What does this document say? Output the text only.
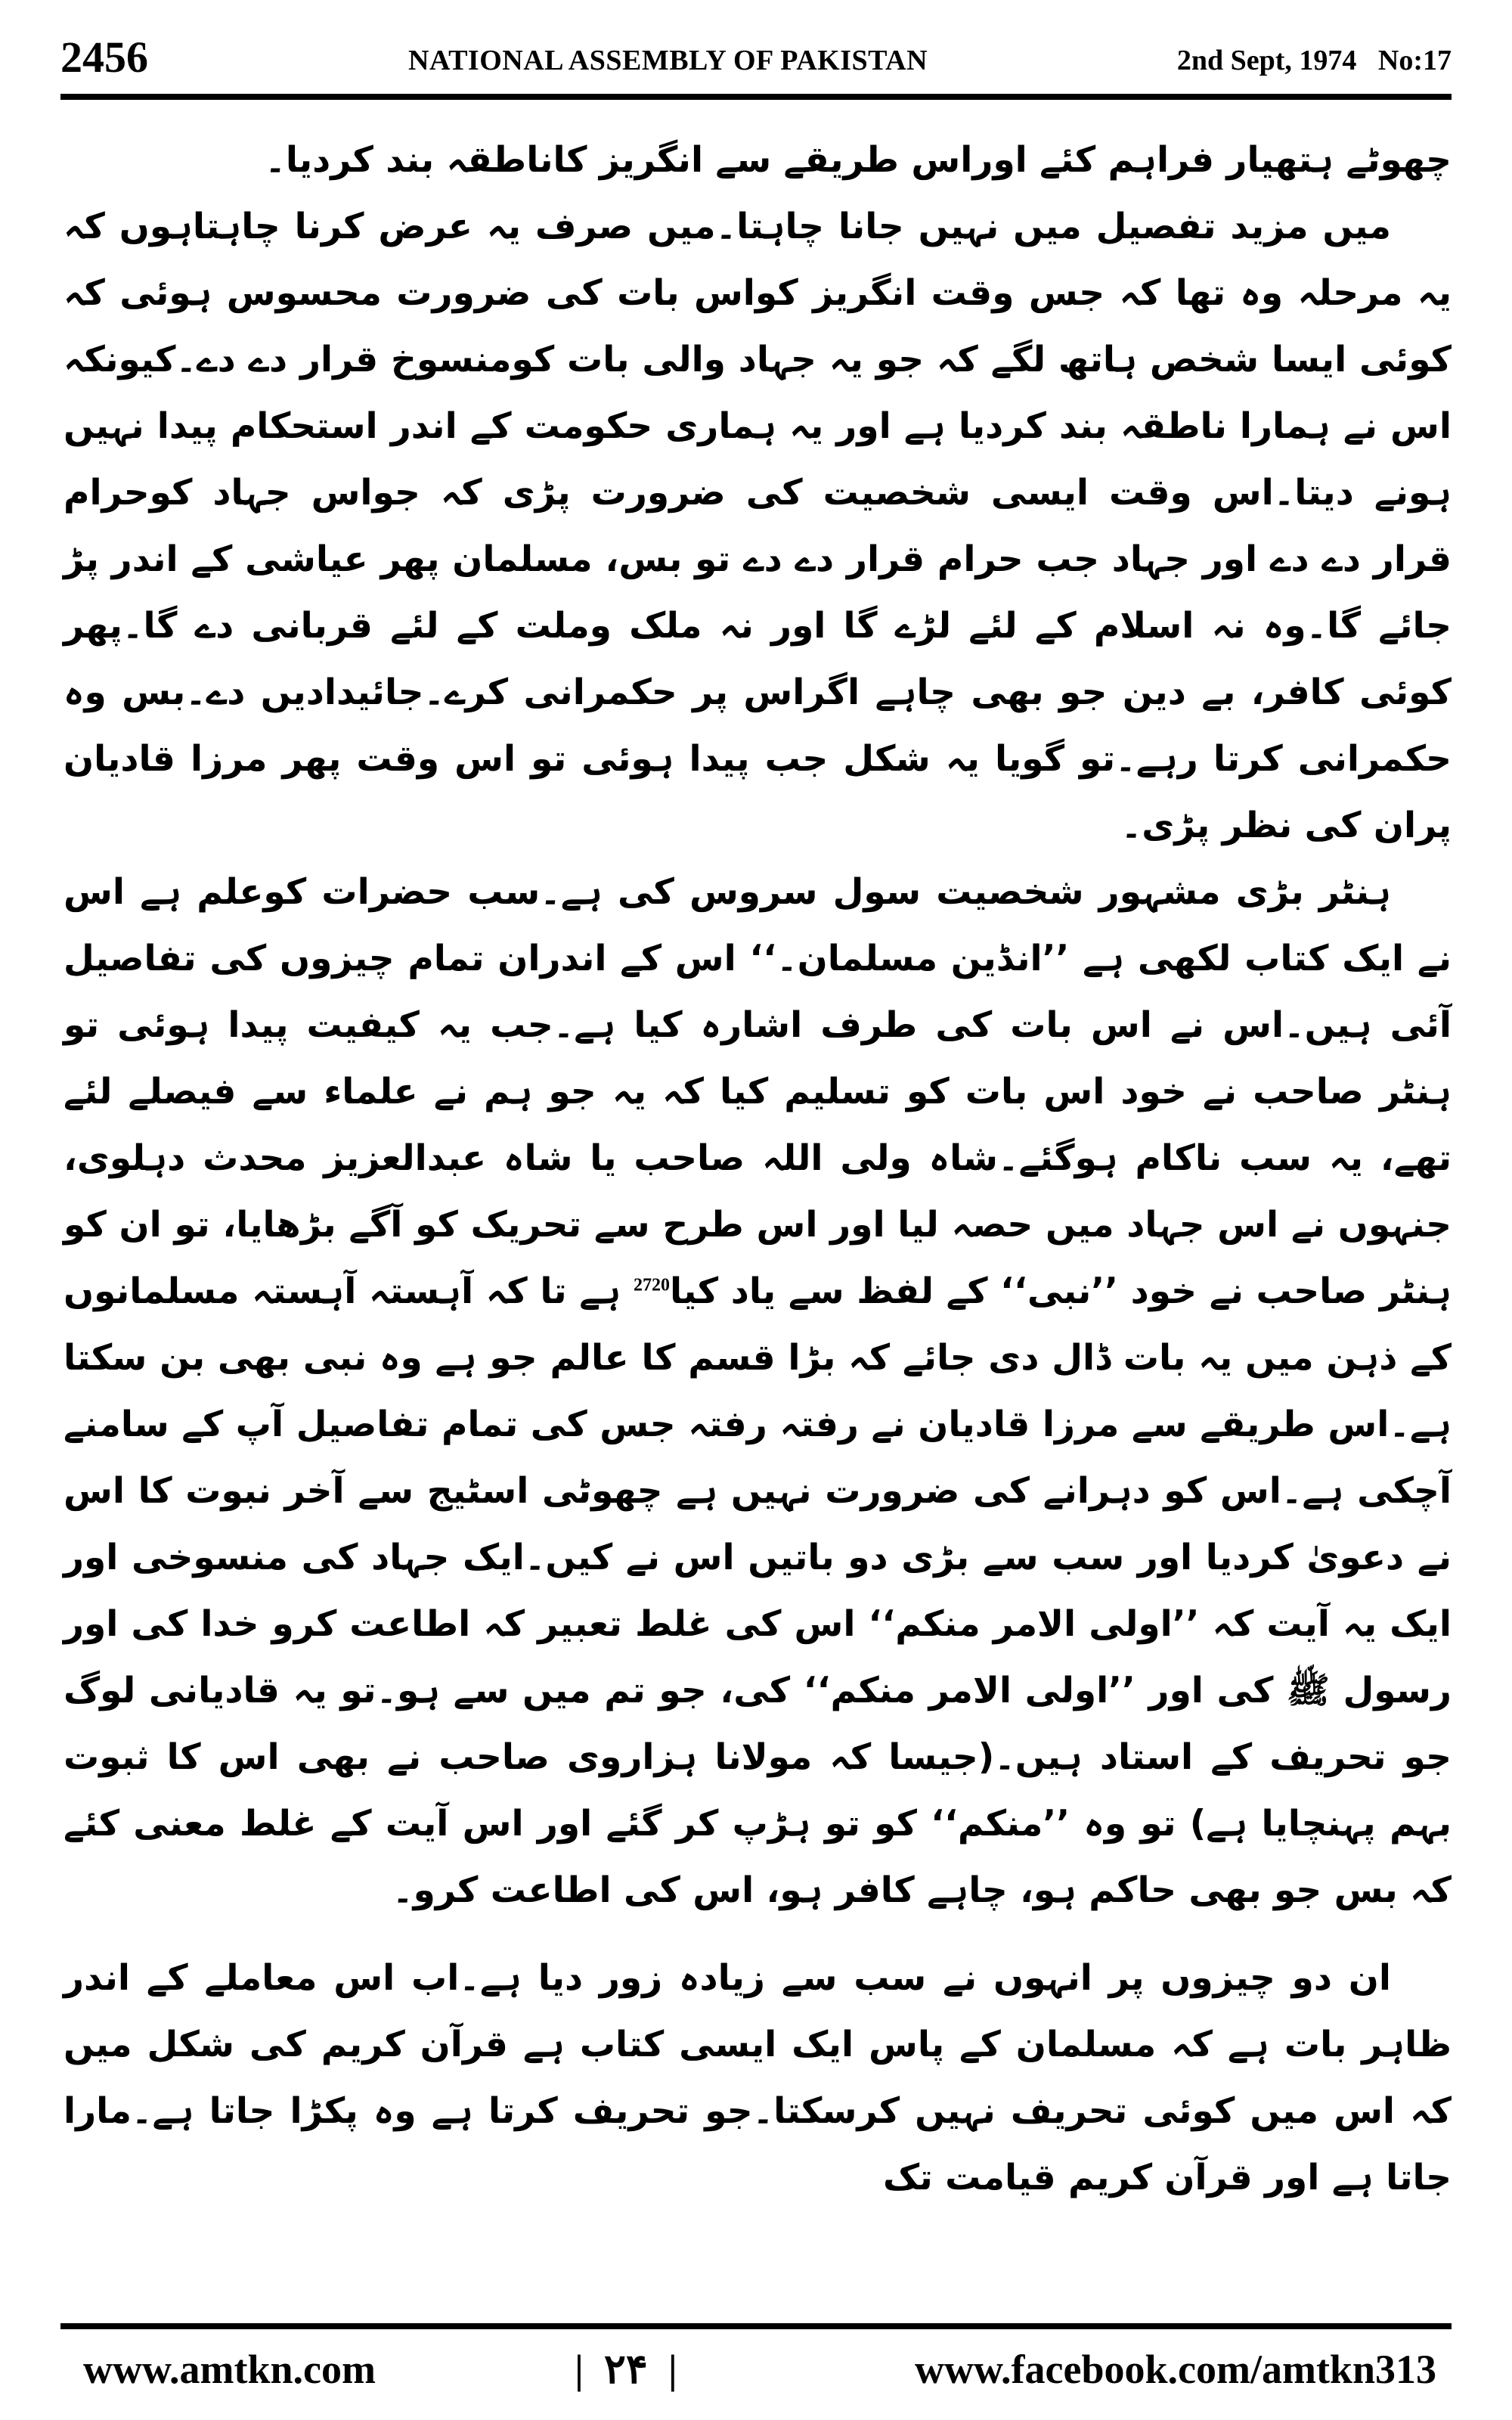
2456	NATIONAL ASSEMBLY OF PAKISTAN	2nd Sept, 1974 No:17

چھوٹے ہتھیار فراہم کئے اوراس طریقے سے انگریز کاناطقہ بند کردیا۔

میں مزید تفصیل میں نہیں جانا چاہتا۔میں صرف یہ عرض کرنا چاہتاہوں کہ یہ مرحلہ وہ تھا کہ جس وقت انگریز کواس بات کی ضرورت محسوس ہوئی کہ کوئی ایسا شخص ہاتھ لگے کہ جو یہ جہاد والی بات کومنسوخ قرار دے دے۔کیونکہ اس نے ہمارا ناطقہ بند کردیا ہے اور یہ ہماری حکومت کے اندر استحکام پیدا نہیں ہونے دیتا۔اس وقت ایسی شخصیت کی ضرورت پڑی کہ جواس جہاد کوحرام قرار دے دے اور جہاد جب حرام قرار دے دے تو بس، مسلمان پھر عیاشی کے اندر پڑ جائے گا۔وہ نہ اسلام کے لئے لڑے گا اور نہ ملک وملت کے لئے قربانی دے گا۔پھر کوئی کافر، بے دین جو بھی چاہے اگراس پر حکمرانی کرے۔جائیدادیں دے۔بس وہ حکمرانی کرتا رہے۔تو گویا یہ شکل جب پیدا ہوئی تو اس وقت پھر مرزا قادیان پران کی نظر پڑی۔

ہنٹر بڑی مشہور شخصیت سول سروس کی ہے۔سب حضرات کوعلم ہے اس نے ایک کتاب لکھی ہے ’’انڈین مسلمان۔‘‘ اس کے اندران تمام چیزوں کی تفاصیل آئی ہیں۔اس نے اس بات کی طرف اشارہ کیا ہے۔جب یہ کیفیت پیدا ہوئی تو ہنٹر صاحب نے خود اس بات کو تسلیم کیا کہ یہ جو ہم نے علماء سے فیصلے لئے تھے، یہ سب ناکام ہوگئے۔شاہ ولی اللہ صاحب یا شاہ عبدالعزیز محدث دہلوی، جنہوں نے اس جہاد میں حصہ لیا اور اس طرح سے تحریک کو آگے بڑھایا، تو ان کو ہنٹر صاحب نے خود ’’نبی‘‘ کے لفظ سے یاد کیا$^{2720}$ ہے تا کہ آہستہ آہستہ مسلمانوں کے ذہن میں یہ بات ڈال دی جائے کہ بڑا قسم کا عالم جو ہے وہ نبی بھی بن سکتا ہے۔اس طریقے سے مرزا قادیان نے رفتہ رفتہ جس کی تمام تفاصیل آپ کے سامنے آچکی ہے۔اس کو دہرانے کی ضرورت نہیں ہے چھوٹی اسٹیج سے آخر نبوت کا اس نے دعویٰ کردیا اور سب سے بڑی دو باتیں اس نے کیں۔ایک جہاد کی منسوخی اور ایک یہ آیت کہ ’’اولی الامر منکم‘‘ اس کی غلط تعبیر کہ اطاعت کرو خدا کی اور رسول ﷺ کی اور ’’اولی الامر منکم‘‘ کی، جو تم میں سے ہو۔تو یہ قادیانی لوگ جو تحریف کے استاد ہیں۔(جیسا کہ مولانا ہزاروی صاحب نے بھی اس کا ثبوت بہم پہنچایا ہے) تو وہ ’’منکم‘‘ کو تو ہڑپ کر گئے اور اس آیت کے غلط معنی کئے کہ بس جو بھی حاکم ہو، چاہے کافر ہو، اس کی اطاعت کرو۔

ان دو چیزوں پر انہوں نے سب سے زیادہ زور دیا ہے۔اب اس معاملے کے اندر ظاہر بات ہے کہ مسلمان کے پاس ایک ایسی کتاب ہے قرآن کریم کی شکل میں کہ اس میں کوئی تحریف نہیں کرسکتا۔جو تحریف کرتا ہے وہ پکڑا جاتا ہے۔مارا جاتا ہے اور قرآن کریم قیامت تک

www.amtkn.com	| ۲۴ |	www.facebook.com/amtkn313
